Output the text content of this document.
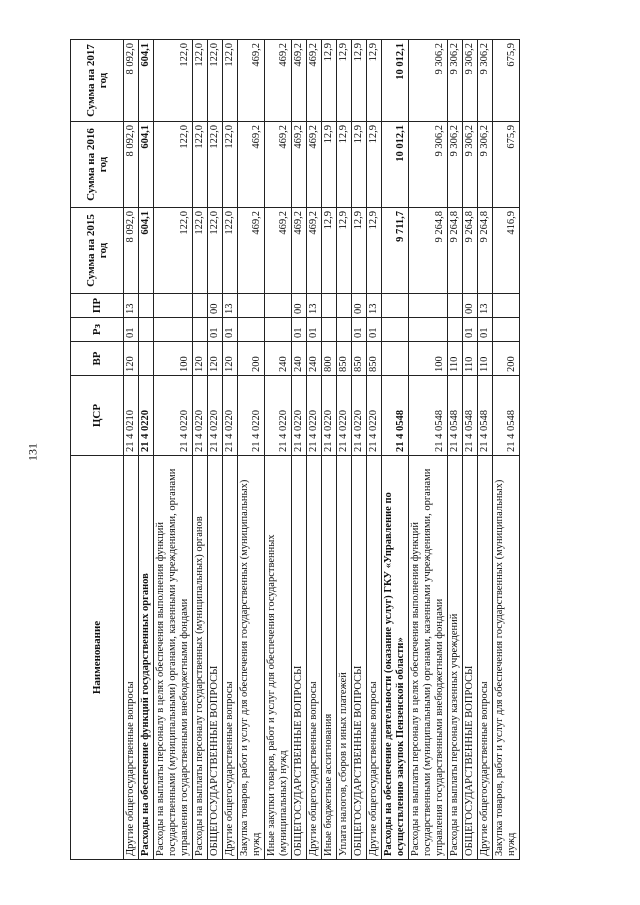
131
Наименование	ЦСР	ВР	Рз	ПР	Сумма на 2015 год	Сумма на 2016 год	Сумма на 2017 год
Другие общегосударственные вопросы	21 4 0210	120	01	13	8 092,0	8 092,0	8 092,0
Расходы на обеспечение функций государственных органов	21 4 0220				604,1	604,1	604,1
Расходы на выплаты персоналу в целях обеспечения выполнения функций государственными (муниципальными) органами, казенными учреждениями, органами управления государственными внебюджетными фондами	21 4 0220	100			122,0	122,0	122,0
Расходы на выплаты персоналу государственных (муниципальных) органов	21 4 0220	120			122,0	122,0	122,0
ОБЩЕГОСУДАРСТВЕННЫЕ ВОПРОСЫ	21 4 0220	120	01	00	122,0	122,0	122,0
Другие общегосударственные вопросы	21 4 0220	120	01	13	122,0	122,0	122,0
Закупка товаров, работ и услуг для обеспечения государственных (муниципальных) нужд	21 4 0220	200			469,2	469,2	469,2
Иные закупки товаров, работ и услуг для обеспечения государственных (муниципальных) нужд	21 4 0220	240			469,2	469,2	469,2
ОБЩЕГОСУДАРСТВЕННЫЕ ВОПРОСЫ	21 4 0220	240	01	00	469,2	469,2	469,2
Другие общегосударственные вопросы	21 4 0220	240	01	13	469,2	469,2	469,2
Иные бюджетные ассигнования	21 4 0220	800			12,9	12,9	12,9
Уплата налогов, сборов и иных платежей	21 4 0220	850			12,9	12,9	12,9
ОБЩЕГОСУДАРСТВЕННЫЕ ВОПРОСЫ	21 4 0220	850	01	00	12,9	12,9	12,9
Другие общегосударственные вопросы	21 4 0220	850	01	13	12,9	12,9	12,9
Расходы на обеспечение деятельности (оказание услуг) ГКУ «Управление по осуществлению закупок Пензенской области»	21 4 0548				9 711,7	10 012,1	10 012,1
Расходы на выплаты персоналу в целях обеспечения выполнения функций государственными (муниципальными) органами, казенными учреждениями, органами управления государственными внебюджетными фондами	21 4 0548	100			9 264,8	9 306,2	9 306,2
Расходы на выплаты персоналу казенных учреждений	21 4 0548	110			9 264,8	9 306,2	9 306,2
ОБЩЕГОСУДАРСТВЕННЫЕ ВОПРОСЫ	21 4 0548	110	01	00	9 264,8	9 306,2	9 306,2
Другие общегосударственные вопросы	21 4 0548	110	01	13	9 264,8	9 306,2	9 306,2
Закупка товаров, работ и услуг для обеспечения государственных (муниципальных) нужд	21 4 0548	200			416,9	675,9	675,9
